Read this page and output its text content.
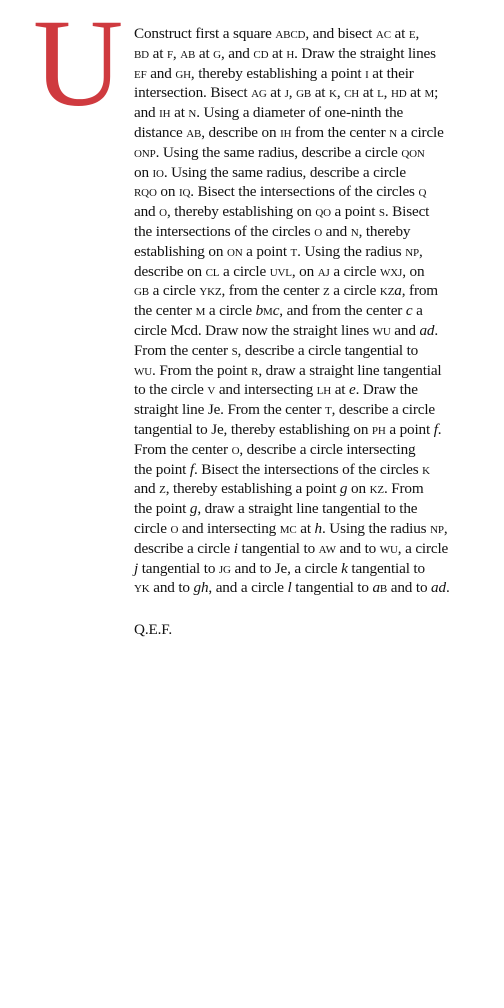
U Construct first a square abcd, and bisect ac at e,
bd at f, ab at g, and cd at h. Draw the straight lines
ef and gh, thereby establishing a point i at their
intersection. Bisect ag at j, gb at k, ch at l, hd at m;
and ih at n. Using a diameter of one-ninth the
distance ab, describe on ih from the center n a circle
onp. Using the same radius, describe a circle qon
on io. Using the same radius, describe a circle
rqo on iq. Bisect the intersections of the circles q
and o, thereby establishing on qo a point s. Bisect
the intersections of the circles o and n, thereby
establishing on on a point t. Using the radius np,
describe on cl a circle uvl, on aj a circle wxj, on
gb a circle ykz, from the center z a circle kza, from
the center m a circle bmc, and from the center c a
circle Mcd. Draw now the straight lines wu and ad.
From the center s, describe a circle tangential to
wu. From the point r, draw a straight line tangential
to the circle v and intersecting lh at e. Draw the
straight line Je. From the center t, describe a circle
tangential to Je, thereby establishing on ph a point f.
From the center o, describe a circle intersecting
the point f. Bisect the intersections of the circles k
and z, thereby establishing a point g on kz. From
the point g, draw a straight line tangential to the
circle o and intersecting mc at h. Using the radius np,
describe a circle i tangential to aw and to wu, a circle
j tangential to jg and to Je, a circle k tangential to
yk and to gh, and a circle l tangential to ab and to ad.
Q.E.F.
